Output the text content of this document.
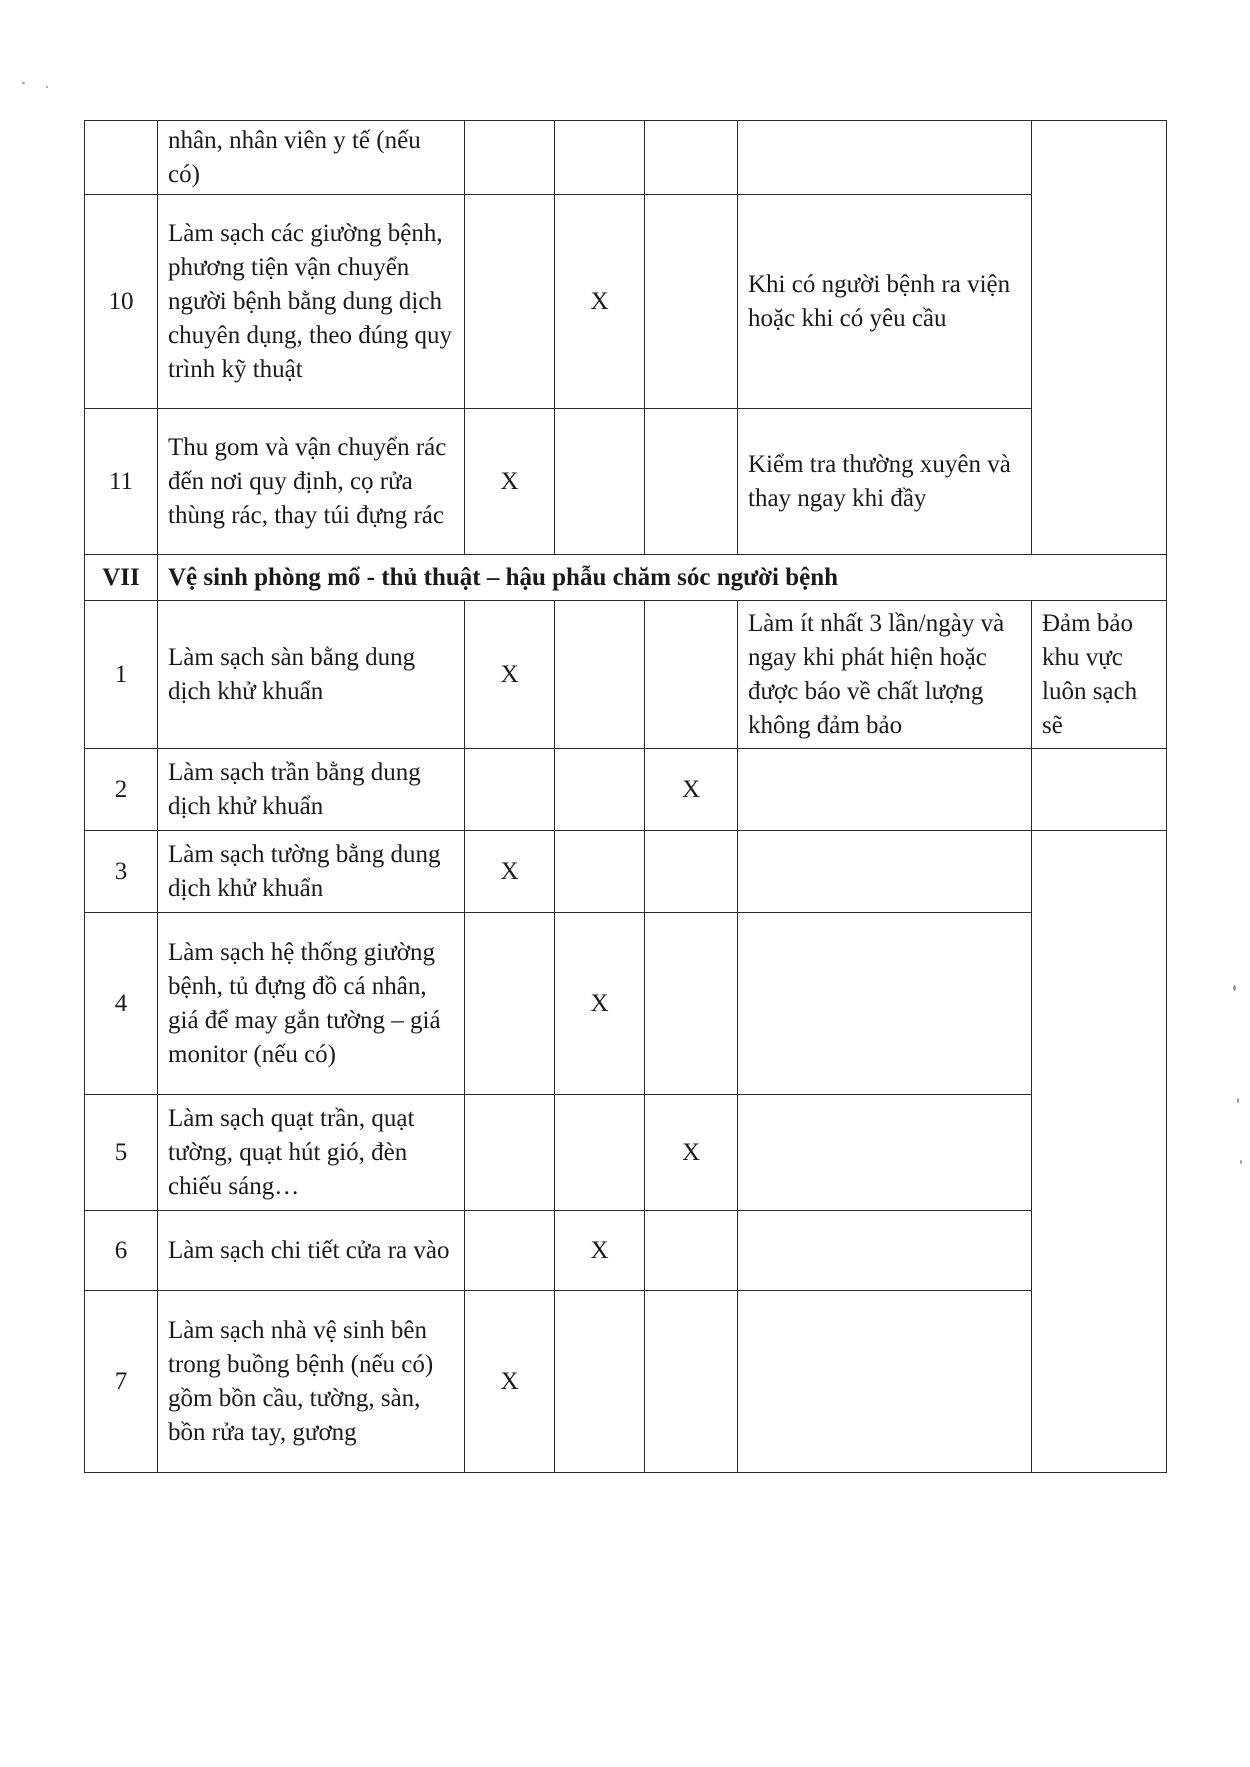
	nhân, nhân viên y tế (nếu có)					
10	Làm sạch các giường bệnh, phương tiện vận chuyển người bệnh bằng dung dịch chuyên dụng, theo đúng quy trình kỹ thuật		X		Khi có người bệnh ra viện hoặc khi có yêu cầu	
11	Thu gom và vận chuyển rác đến nơi quy định, cọ rửa thùng rác, thay túi đựng rác	X			Kiểm tra thường xuyên và thay ngay khi đầy	
VII	Vệ sinh phòng mổ - thủ thuật – hậu phẫu chăm sóc người bệnh					
1	Làm sạch sàn bằng dung dịch khử khuẩn	X			Làm ít nhất 3 lần/ngày và ngay khi phát hiện hoặc được báo về chất lượng không đảm bảo	Đảm bảo khu vực luôn sạch sẽ
2	Làm sạch trần bằng dung dịch khử khuẩn			X		
3	Làm sạch tường bằng dung dịch khử khuẩn	X				
4	Làm sạch hệ thống giường bệnh, tủ đựng đồ cá nhân, giá để may gắn tường – giá monitor (nếu có)		X			
5	Làm sạch quạt trần, quạt tường, quạt hút gió, đèn chiếu sáng…			X		
6	Làm sạch chi tiết cửa ra vào		X			
7	Làm sạch nhà vệ sinh bên trong buồng bệnh (nếu có) gồm bồn cầu, tường, sàn, bồn rửa tay, gương	X				
